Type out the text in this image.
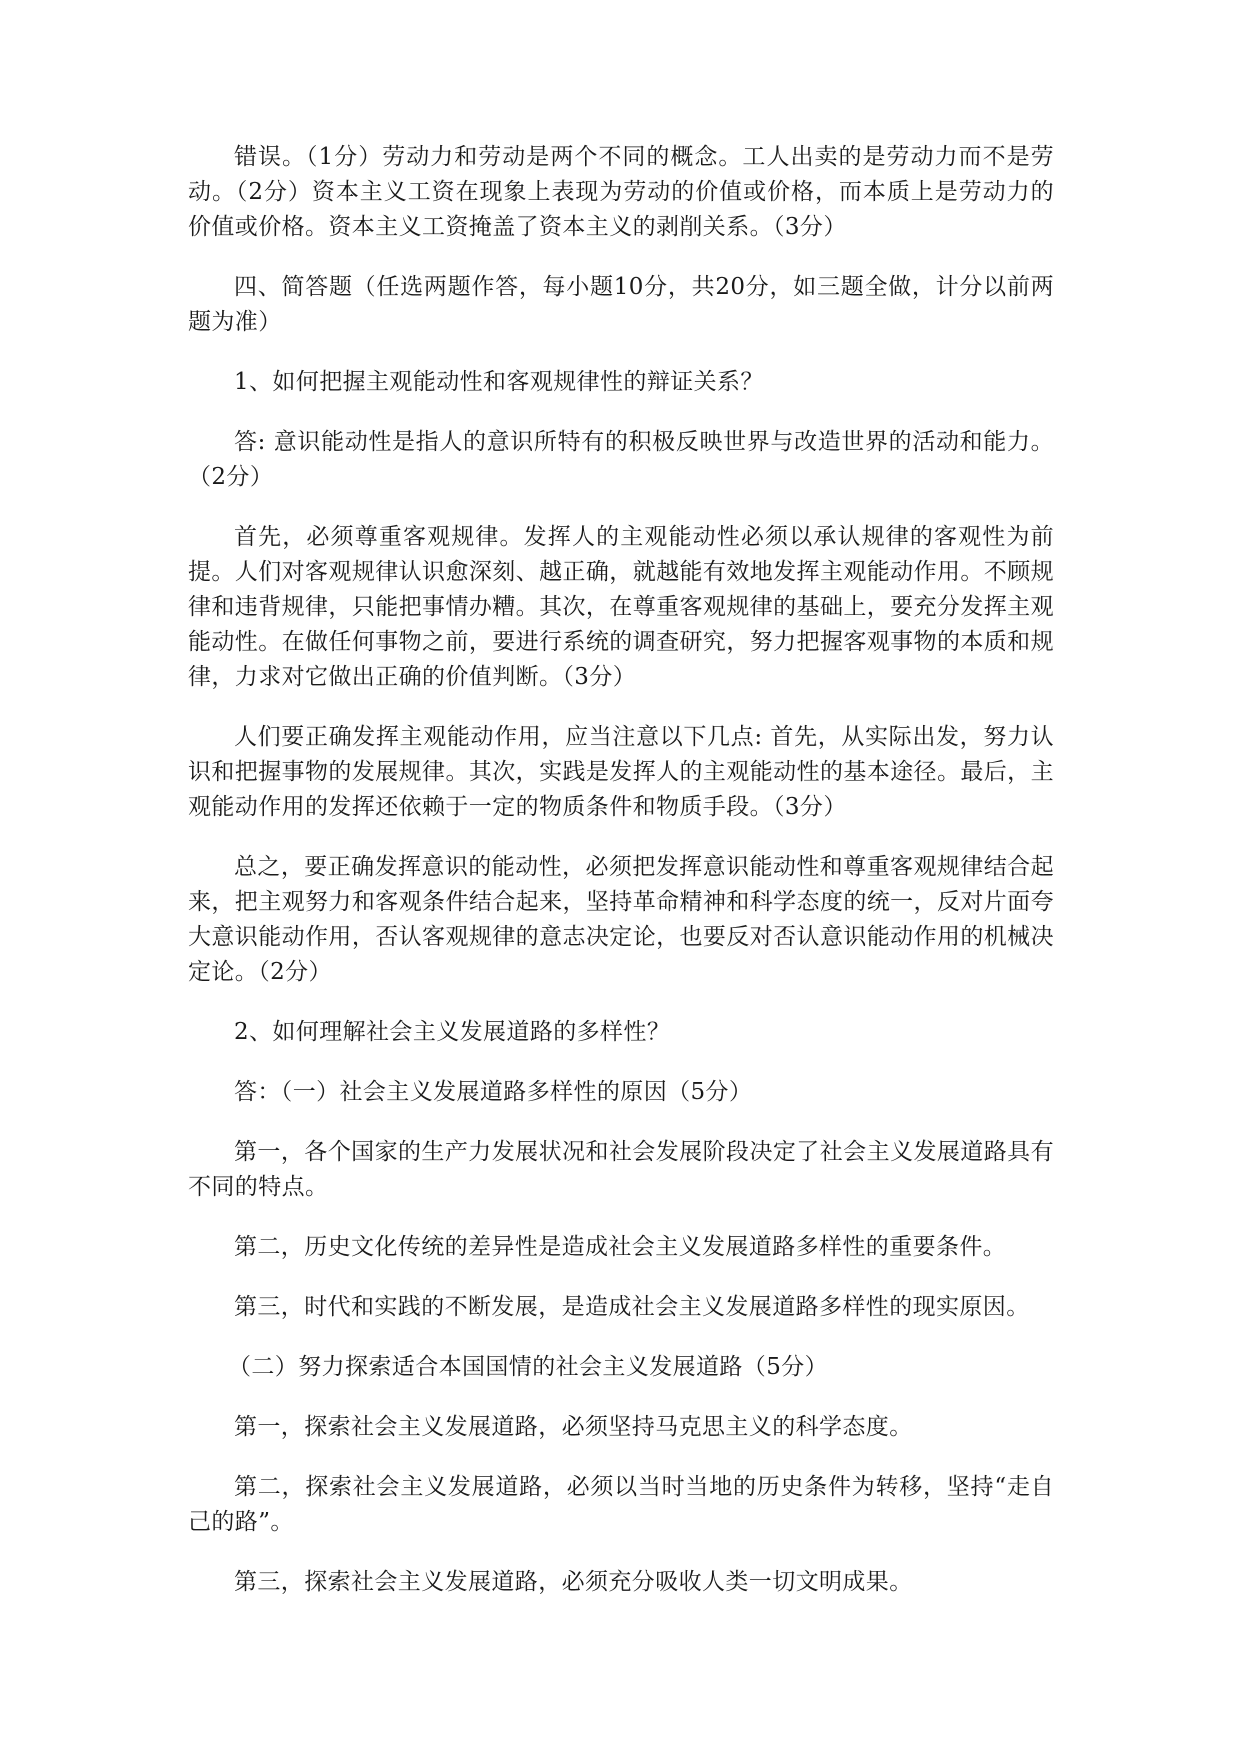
错误。（1分）劳动力和劳动是两个不同的概念。工人出卖的是劳动力而不是劳动。（2分）资本主义工资在现象上表现为劳动的价值或价格，而本质上是劳动力的价值或价格。资本主义工资掩盖了资本主义的剥削关系。（3分）

四、简答题（任选两题作答，每小题10分，共20分，如三题全做，计分以前两题为准）

1、如何把握主观能动性和客观规律性的辩证关系？

答: 意识能动性是指人的意识所特有的积极反映世界与改造世界的活动和能力。（2分）

首先，必须尊重客观规律。发挥人的主观能动性必须以承认规律的客观性为前提。人们对客观规律认识愈深刻、越正确，就越能有效地发挥主观能动作用。不顾规律和违背规律，只能把事情办糟。其次，在尊重客观规律的基础上，要充分发挥主观能动性。在做任何事物之前，要进行系统的调查研究，努力把握客观事物的本质和规律，力求对它做出正确的价值判断。（3分）

人们要正确发挥主观能动作用，应当注意以下几点: 首先，从实际出发，努力认识和把握事物的发展规律。其次，实践是发挥人的主观能动性的基本途径。最后，主观能动作用的发挥还依赖于一定的物质条件和物质手段。（3分）

总之，要正确发挥意识的能动性，必须把发挥意识能动性和尊重客观规律结合起来，把主观努力和客观条件结合起来，坚持革命精神和科学态度的统一，反对片面夸大意识能动作用，否认客观规律的意志决定论，也要反对否认意识能动作用的机械决定论。（2分）

2、如何理解社会主义发展道路的多样性？

答：（一）社会主义发展道路多样性的原因（5分）

第一，各个国家的生产力发展状况和社会发展阶段决定了社会主义发展道路具有不同的特点。

第二，历史文化传统的差异性是造成社会主义发展道路多样性的重要条件。

第三，时代和实践的不断发展，是造成社会主义发展道路多样性的现实原因。

（二）努力探索适合本国国情的社会主义发展道路（5分）

第一，探索社会主义发展道路，必须坚持马克思主义的科学态度。

第二，探索社会主义发展道路，必须以当时当地的历史条件为转移，坚持“走自己的路”。

第三，探索社会主义发展道路，必须充分吸收人类一切文明成果。
